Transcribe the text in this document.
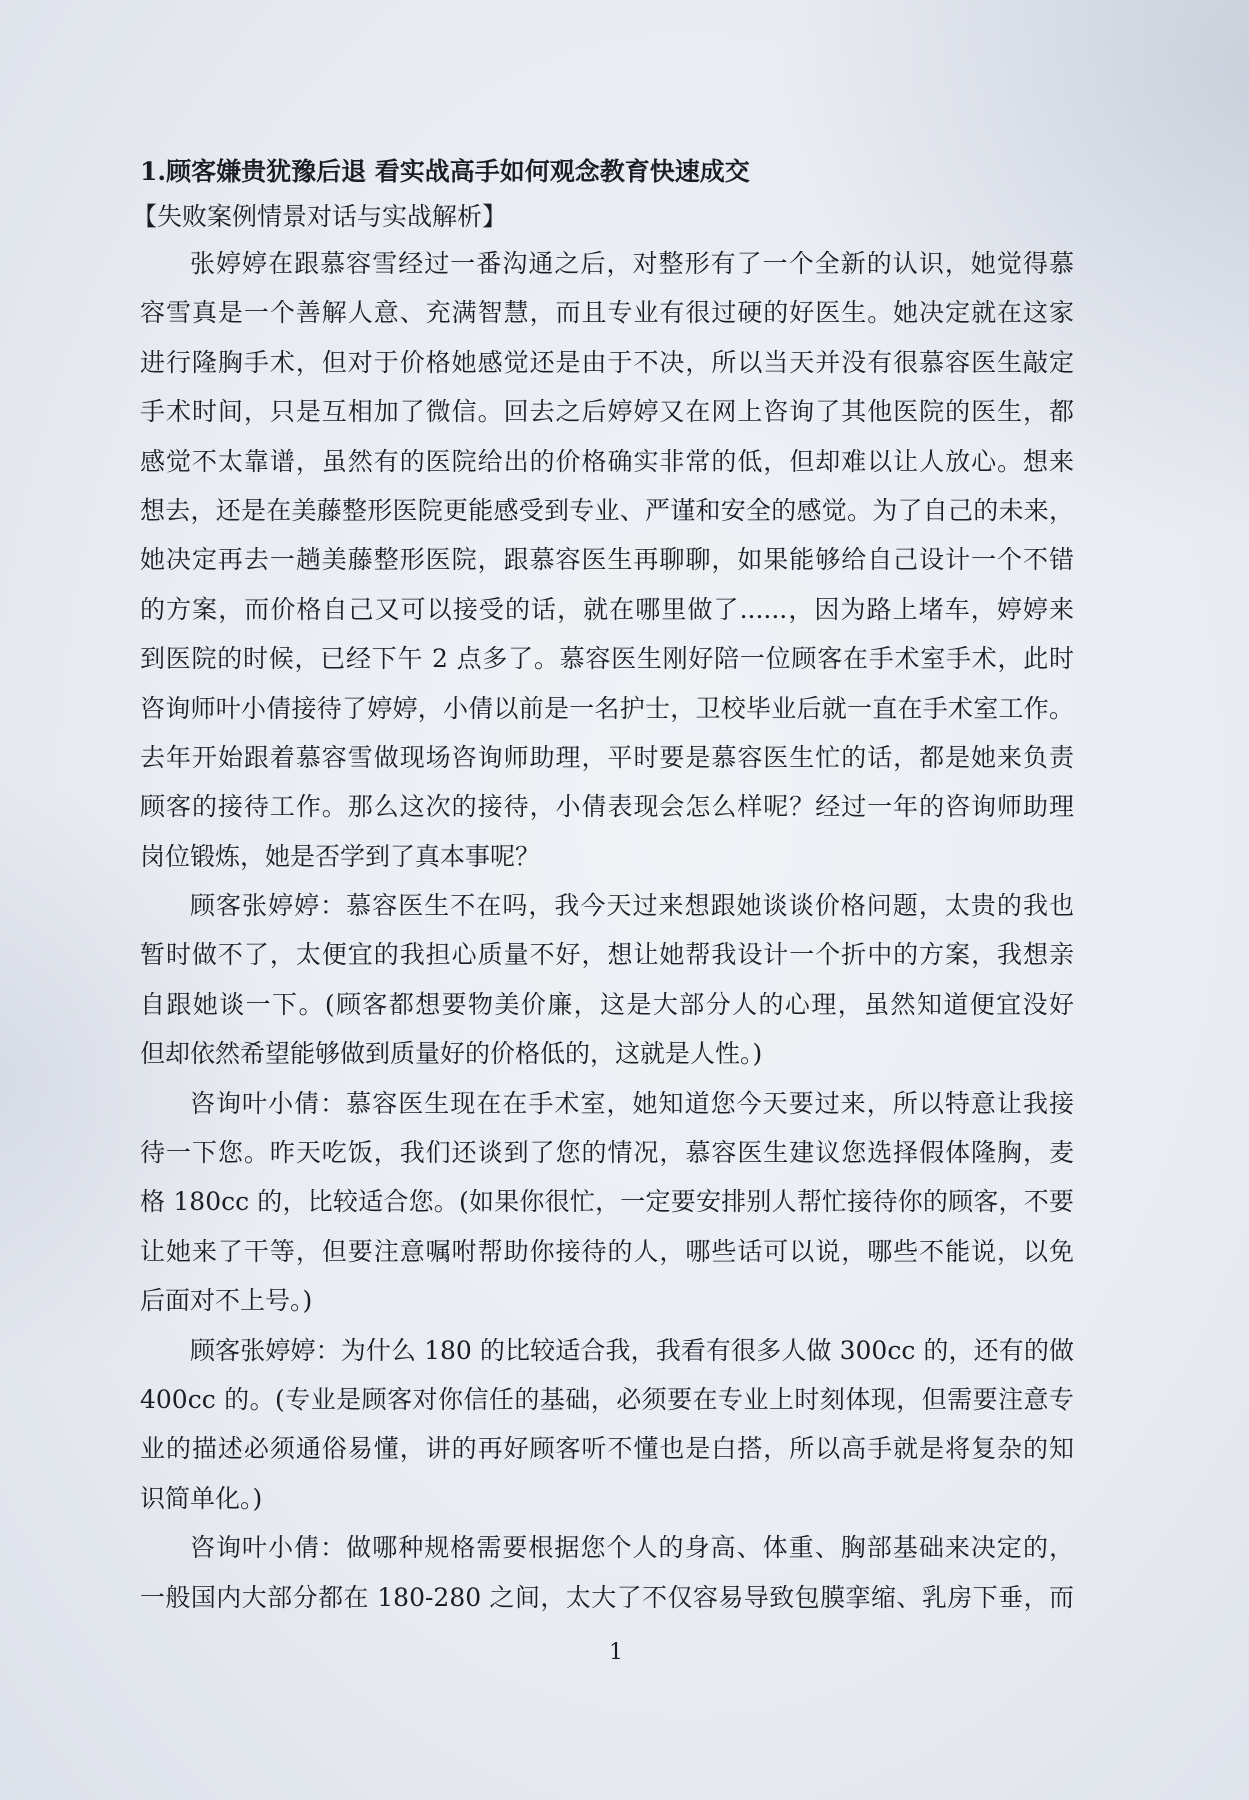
1.顾客嫌贵犹豫后退 看实战高手如何观念教育快速成交
【失败案例情景对话与实战解析】
张婷婷在跟慕容雪经过一番沟通之后，对整形有了一个全新的认识，她觉得慕
容雪真是一个善解人意、充满智慧，而且专业有很过硬的好医生。她决定就在这家
进行隆胸手术，但对于价格她感觉还是由于不决，所以当天并没有很慕容医生敲定
手术时间，只是互相加了微信。回去之后婷婷又在网上咨询了其他医院的医生，都
感觉不太靠谱，虽然有的医院给出的价格确实非常的低，但却难以让人放心。想来
想去，还是在美藤整形医院更能感受到专业、严谨和安全的感觉。为了自己的未来，
她决定再去一趟美藤整形医院，跟慕容医生再聊聊，如果能够给自己设计一个不错
的方案，而价格自己又可以接受的话，就在哪里做了......，因为路上堵车，婷婷来
到医院的时候，已经下午 2 点多了。慕容医生刚好陪一位顾客在手术室手术，此时
咨询师叶小倩接待了婷婷，小倩以前是一名护士，卫校毕业后就一直在手术室工作。
去年开始跟着慕容雪做现场咨询师助理，平时要是慕容医生忙的话，都是她来负责
顾客的接待工作。那么这次的接待，小倩表现会怎么样呢？经过一年的咨询师助理
岗位锻炼，她是否学到了真本事呢？
顾客张婷婷：慕容医生不在吗，我今天过来想跟她谈谈价格问题，太贵的我也
暂时做不了，太便宜的我担心质量不好，想让她帮我设计一个折中的方案，我想亲
自跟她谈一下。(顾客都想要物美价廉，这是大部分人的心理，虽然知道便宜没好
但却依然希望能够做到质量好的价格低的，这就是人性。)
咨询叶小倩：慕容医生现在在手术室，她知道您今天要过来，所以特意让我接
待一下您。昨天吃饭，我们还谈到了您的情况，慕容医生建议您选择假体隆胸，麦
格 180cc 的，比较适合您。(如果你很忙，一定要安排别人帮忙接待你的顾客，不要
让她来了干等，但要注意嘱咐帮助你接待的人，哪些话可以说，哪些不能说，以免
后面对不上号。)
顾客张婷婷：为什么 180 的比较适合我，我看有很多人做 300cc 的，还有的做
400cc 的。(专业是顾客对你信任的基础，必须要在专业上时刻体现，但需要注意专
业的描述必须通俗易懂，讲的再好顾客听不懂也是白搭，所以高手就是将复杂的知
识简单化。)
咨询叶小倩：做哪种规格需要根据您个人的身高、体重、胸部基础来决定的，
一般国内大部分都在 180-280 之间，太大了不仅容易导致包膜挛缩、乳房下垂，而
1
